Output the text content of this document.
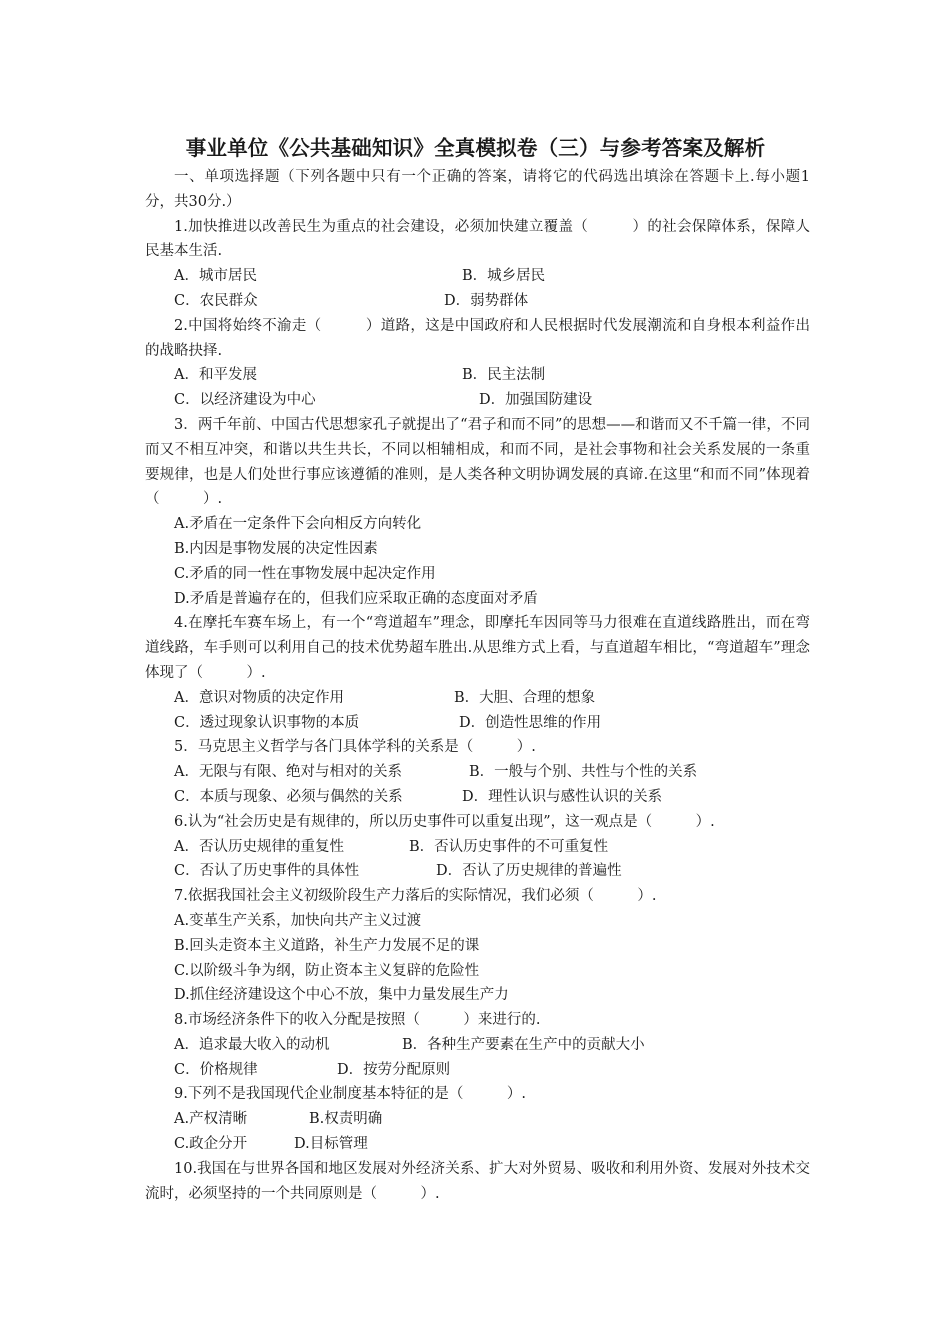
事业单位《公共基础知识》全真模拟卷（三）与参考答案及解析

一、单项选择题（下列各题中只有一个正确的答案，请将它的代码选出填涂在答题卡上.每小题1分，共30分.）

1.加快推进以改善民生为重点的社会建设，必须加快建立覆盖（　　　）的社会保障体系，保障人民基本生活.

A．城市居民	B．城乡居民
C．农民群众	D．弱势群体

2.中国将始终不渝走（　　　）道路，这是中国政府和人民根据时代发展潮流和自身根本利益作出的战略抉择.

A．和平发展	B．民主法制
C．以经济建设为中心	D．加强国防建设

3．两千年前、中国古代思想家孔子就提出了“君子和而不同”的思想——和谐而又不千篇一律，不同而又不相互冲突，和谐以共生共长，不同以相辅相成，和而不同，是社会事物和社会关系发展的一条重要规律，也是人们处世行事应该遵循的准则，是人类各种文明协调发展的真谛.在这里“和而不同”体现着（　　　）.

A.矛盾在一定条件下会向相反方向转化

B.内因是事物发展的决定性因素

C.矛盾的同一性在事物发展中起决定作用

D.矛盾是普遍存在的，但我们应采取正确的态度面对矛盾

4.在摩托车赛车场上，有一个“弯道超车”理念，即摩托车因同等马力很难在直道线路胜出，而在弯道线路，车手则可以利用自己的技术优势超车胜出.从思维方式上看，与直道超车相比，“弯道超车”理念体现了（　　　）.

A．意识对物质的决定作用	B．大胆、合理的想象
C．透过现象认识事物的本质	D．创造性思维的作用

5．马克思主义哲学与各门具体学科的关系是（　　　）.

A．无限与有限、绝对与相对的关系	B．一般与个别、共性与个性的关系
C．本质与现象、必须与偶然的关系	D．理性认识与感性认识的关系

6.认为“社会历史是有规律的，所以历史事件可以重复出现”，这一观点是（　　　）.

A．否认历史规律的重复性	B．否认历史事件的不可重复性
C．否认了历史事件的具体性	D．否认了历史规律的普遍性

7.依据我国社会主义初级阶段生产力落后的实际情况，我们必须（　　　）.

A.变革生产关系，加快向共产主义过渡

B.回头走资本主义道路，补生产力发展不足的课

C.以阶级斗争为纲，防止资本主义复辟的危险性

D.抓住经济建设这个中心不放，集中力量发展生产力

8.市场经济条件下的收入分配是按照（　　　）来进行的.

A．追求最大收入的动机	B．各种生产要素在生产中的贡献大小
C．价格规律	D．按劳分配原则

9.下列不是我国现代企业制度基本特征的是（　　　）.

A.产权清晰	B.权责明确
C.政企分开	D.目标管理

10.我国在与世界各国和地区发展对外经济关系、扩大对外贸易、吸收和利用外资、发展对外技术交流时，必须坚持的一个共同原则是（　　　）.
